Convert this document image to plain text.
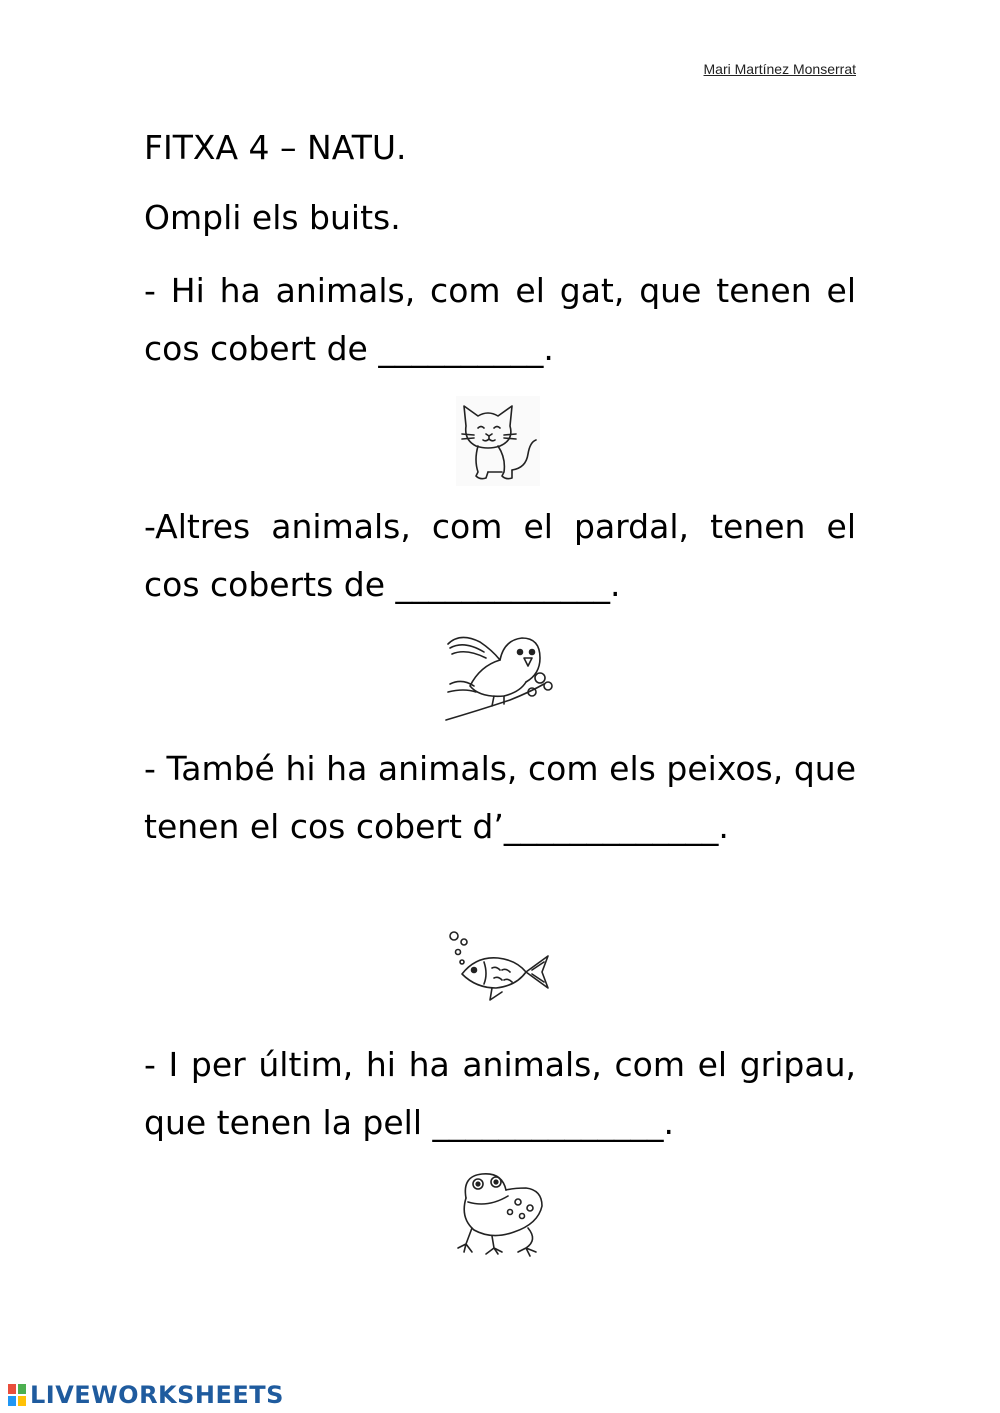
Mari Martínez Monserrat
FITXA 4 – NATU.
Ompli els buits.
- Hi ha animals, com el gat, que tenen el cos cobert de __________.
-Altres animals, com el pardal, tenen el cos coberts de _____________.
- També hi ha animals, com els peixos, que tenen el cos cobert d’_____________.
- I per últim, hi ha animals, com el gripau, que tenen la pell ______________.
LIVEWORKSHEETS
